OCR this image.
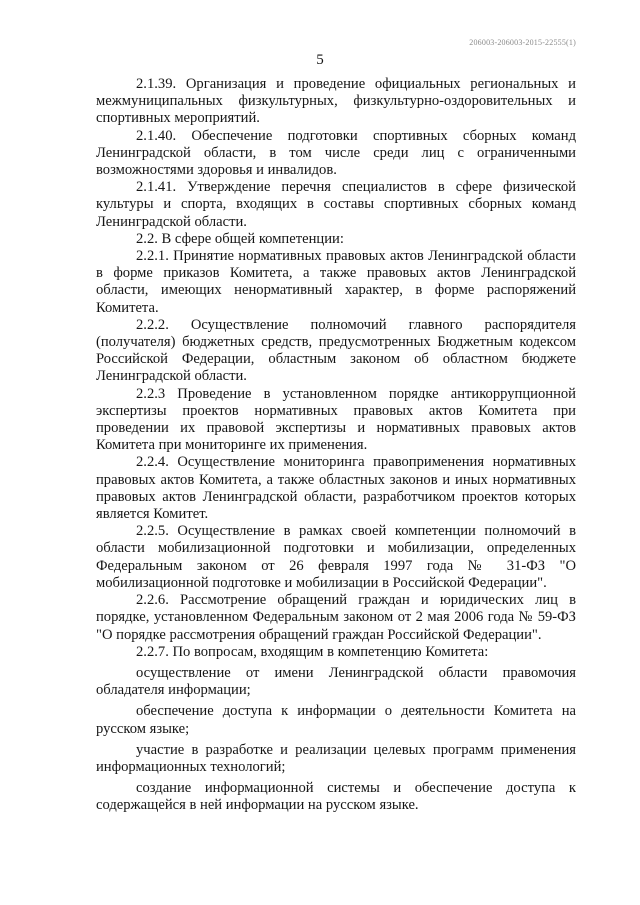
206003-206003-2015-22555(1)
5

2.1.39. Организация и проведение официальных региональных и межмуниципальных физкультурных, физкультурно-оздоровительных и спортивных мероприятий.

2.1.40. Обеспечение подготовки спортивных сборных команд Ленинградской области, в том числе среди лиц с ограниченными возможностями здоровья и инвалидов.

2.1.41. Утверждение перечня специалистов в сфере физической культуры и спорта, входящих в составы спортивных сборных команд Ленинградской области.

2.2. В сфере общей компетенции:

2.2.1. Принятие нормативных правовых актов Ленинградской области в форме приказов Комитета, а также правовых актов Ленинградской области, имеющих ненормативный характер, в форме распоряжений Комитета.

2.2.2. Осуществление полномочий главного распорядителя (получателя) бюджетных средств, предусмотренных Бюджетным кодексом Российской Федерации, областным законом об областном бюджете Ленинградской области.

2.2.3 Проведение в установленном порядке антикоррупционной экспертизы проектов нормативных правовых актов Комитета при проведении их правовой экспертизы и нормативных правовых актов Комитета при мониторинге их применения.

2.2.4. Осуществление мониторинга правоприменения нормативных правовых актов Комитета, а также областных законов и иных нормативных правовых актов Ленинградской области, разработчиком проектов которых является Комитет.

2.2.5. Осуществление в рамках своей компетенции полномочий в области мобилизационной подготовки и мобилизации, определенных Федеральным законом от 26 февраля 1997 года № 31-ФЗ "О мобилизационной подготовке и мобилизации в Российской Федерации".

2.2.6. Рассмотрение обращений граждан и юридических лиц в порядке, установленном Федеральным законом от 2 мая 2006 года № 59-ФЗ "О порядке рассмотрения обращений граждан Российской Федерации".

2.2.7. По вопросам, входящим в компетенцию Комитета:

осуществление от имени Ленинградской области правомочия обладателя информации;

обеспечение доступа к информации о деятельности Комитета на русском языке;

участие в разработке и реализации целевых программ применения информационных технологий;

создание информационной системы и обеспечение доступа к содержащейся в ней информации на русском языке.
